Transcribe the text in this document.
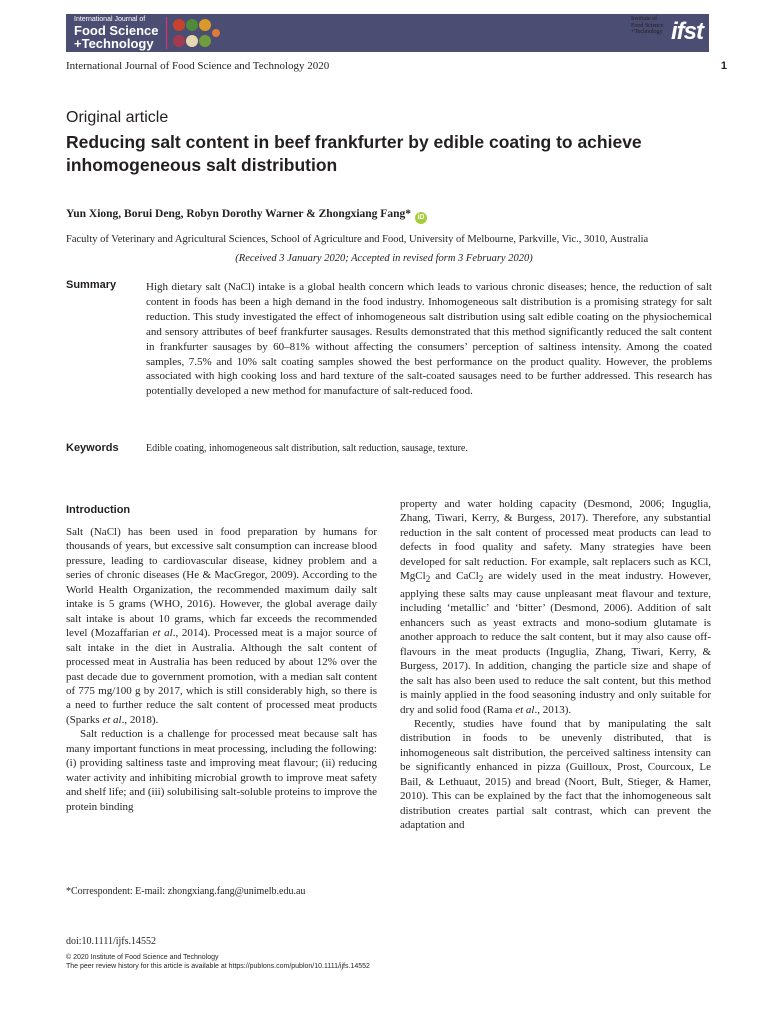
International Journal of
Food Science
+Technology
Institute of
Food Science
+Technology ifst
International Journal of Food Science and Technology 2020	1
Original article
Reducing salt content in beef frankfurter by edible coating to achieve inhomogeneous salt distribution
Yun Xiong, Borui Deng, Robyn Dorothy Warner & Zhongxiang Fang* iD
Faculty of Veterinary and Agricultural Sciences, School of Agriculture and Food, University of Melbourne, Parkville, Vic., 3010, Australia
(Received 3 January 2020; Accepted in revised form 3 February 2020)
Summary	High dietary salt (NaCl) intake is a global health concern which leads to various chronic diseases; hence, the reduction of salt content in foods has been a high demand in the food industry. Inhomogeneous salt distribution is a promising strategy for salt reduction. This study investigated the effect of inhomogeneous salt distribution using salt edible coating on the physiochemical and sensory attributes of beef frankfurter sausages. Results demonstrated that this method significantly reduced the salt content in frankfurter sausages by 60–81% without affecting the consumers’ perception of saltiness intensity. Among the coated samples, 7.5% and 10% salt coating samples showed the best performance on the product quality. However, the problems associated with high cooking loss and hard texture of the salt-coated sausages need to be further addressed. This research has potentially developed a new method for manufacture of salt-reduced food.
Keywords	Edible coating, inhomogeneous salt distribution, salt reduction, sausage, texture.
Introduction

Salt (NaCl) has been used in food preparation by humans for thousands of years, but excessive salt consumption can increase blood pressure, leading to cardiovascular disease, kidney problem and a series of chronic diseases (He & MacGregor, 2009). According to the World Health Organization, the recommended maximum daily salt intake is 5 grams (WHO, 2016). However, the global average daily salt intake is about 10 grams, which far exceeds the recommended level (Mozaffarian et al., 2014). Processed meat is a major source of salt intake in the diet in Australia. Although the salt content of processed meat in Australia has been reduced by about 12% over the past decade due to government promotion, with a median salt content of 775 mg/100 g by 2017, which is still considerably high, so there is a need to further reduce the salt content of processed meat products (Sparks et al., 2018).

Salt reduction is a challenge for processed meat because salt has many important functions in meat processing, including the following: (i) providing saltiness taste and improving meat flavour; (ii) reducing water activity and inhibiting microbial growth to improve meat safety and shelf life; and (iii) solubilising salt-soluble proteins to improve the protein binding

property and water holding capacity (Desmond, 2006; Inguglia, Zhang, Tiwari, Kerry, & Burgess, 2017). Therefore, any substantial reduction in the salt content of processed meat products can lead to defects in food quality and safety. Many strategies have been developed for salt reduction. For example, salt replacers such as KCl, MgCl$_2$ and CaCl$_2$ are widely used in the meat industry. However, applying these salts may cause unpleasant meat flavour and texture, including ‘metallic’ and ‘bitter’ (Desmond, 2006). Addition of salt enhancers such as yeast extracts and mono-sodium glutamate is another approach to reduce the salt content, but it may also cause off-flavours in the meat products (Inguglia, Zhang, Tiwari, Kerry, & Burgess, 2017). In addition, changing the particle size and shape of the salt has also been used to reduce the salt content, but this method is mainly applied in the food seasoning industry and only suitable for dry and solid food (Rama et al., 2013).

Recently, studies have found that by manipulating the salt distribution in foods to be unevenly distributed, that is inhomogeneous salt distribution, the perceived saltiness intensity can be significantly enhanced in pizza (Guilloux, Prost, Courcoux, Le Bail, & Lethuaut, 2015) and bread (Noort, Bult, Stieger, & Hamer, 2010). This can be explained by the fact that the inhomogeneous salt distribution creates partial salt contrast, which can prevent the adaptation and

*Correspondent: E-mail: zhongxiang.fang@unimelb.edu.au
doi:10.1111/ijfs.14552
© 2020 Institute of Food Science and Technology
The peer review history for this article is available at https://publons.com/publon/10.1111/ijfs.14552
